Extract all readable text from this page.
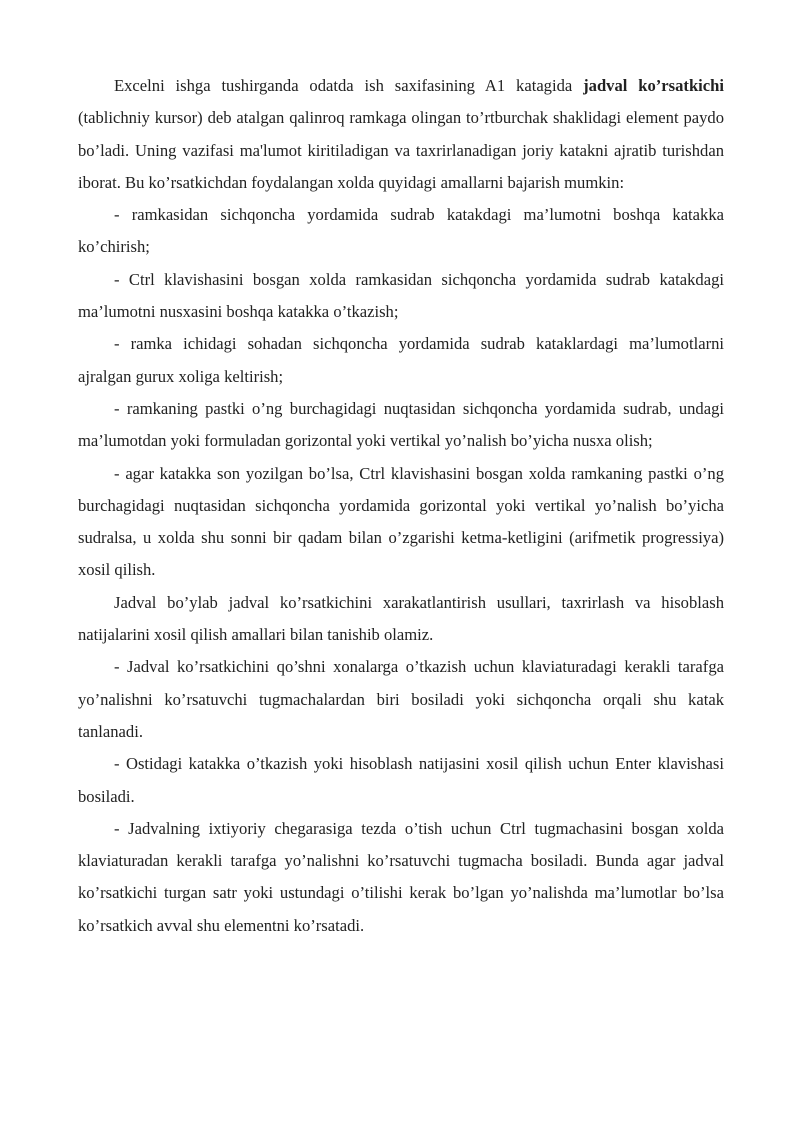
Excelni ishga tushirganda odatda ish saxifasining A1 katagida jadval ko’rsatkichi (tablichniy kursor) deb atalgan qalinroq ramkaga olingan to’rtburchak shaklidagi element paydo bo’ladi. Uning vazifasi ma'lumot kiritiladigan va taxrirlanadigan joriy katakni ajratib turishdan iborat. Bu ko’rsatkichdan foydalangan xolda quyidagi amallarni bajarish mumkin:

- ramkasidan sichqoncha yordamida sudrab katakdagi ma’lumotni boshqa katakka ko’chirish;

- Ctrl klavishasini bosgan xolda ramkasidan sichqoncha yordamida sudrab katakdagi ma’lumotni nusxasini boshqa katakka o’tkazish;

- ramka ichidagi sohadan sichqoncha yordamida sudrab kataklardagi ma’lumotlarni ajralgan gurux xoliga keltirish;

- ramkaning pastki o’ng burchagidagi nuqtasidan sichqoncha yordamida sudrab, undagi ma’lumotdan yoki formuladan gorizontal yoki vertikal yo’nalish bo’yicha nusxa olish;

- agar katakka son yozilgan bo’lsa, Ctrl klavishasini bosgan xolda ramkaning pastki o’ng burchagidagi nuqtasidan sichqoncha yordamida gorizontal yoki vertikal yo’nalish bo’yicha sudralsa, u xolda shu sonni bir qadam bilan o’zgarishi ketma-ketligini (arifmetik progressiya) xosil qilish.

Jadval bo’ylab jadval ko’rsatkichini xarakatlantirish usullari, taxrirlash va hisoblash natijalarini xosil qilish amallari bilan tanishib olamiz.

- Jadval ko’rsatkichini qo’shni xonalarga o’tkazish uchun klaviaturadagi kerakli tarafga yo’nalishni ko’rsatuvchi tugmachalardan biri bosiladi yoki sichqoncha orqali shu katak tanlanadi.

- Ostidagi katakka o’tkazish yoki hisoblash natijasini xosil qilish uchun Enter klavishasi bosiladi.

- Jadvalning ixtiyoriy chegarasiga tezda o’tish uchun Ctrl tugmachasini bosgan xolda klaviaturadan kerakli tarafga yo’nalishni ko’rsatuvchi tugmacha bosiladi. Bunda agar jadval ko’rsatkichi turgan satr yoki ustundagi o’tilishi kerak bo’lgan yo’nalishda ma’lumotlar bo’lsa ko’rsatkich avval shu elementni ko’rsatadi.
